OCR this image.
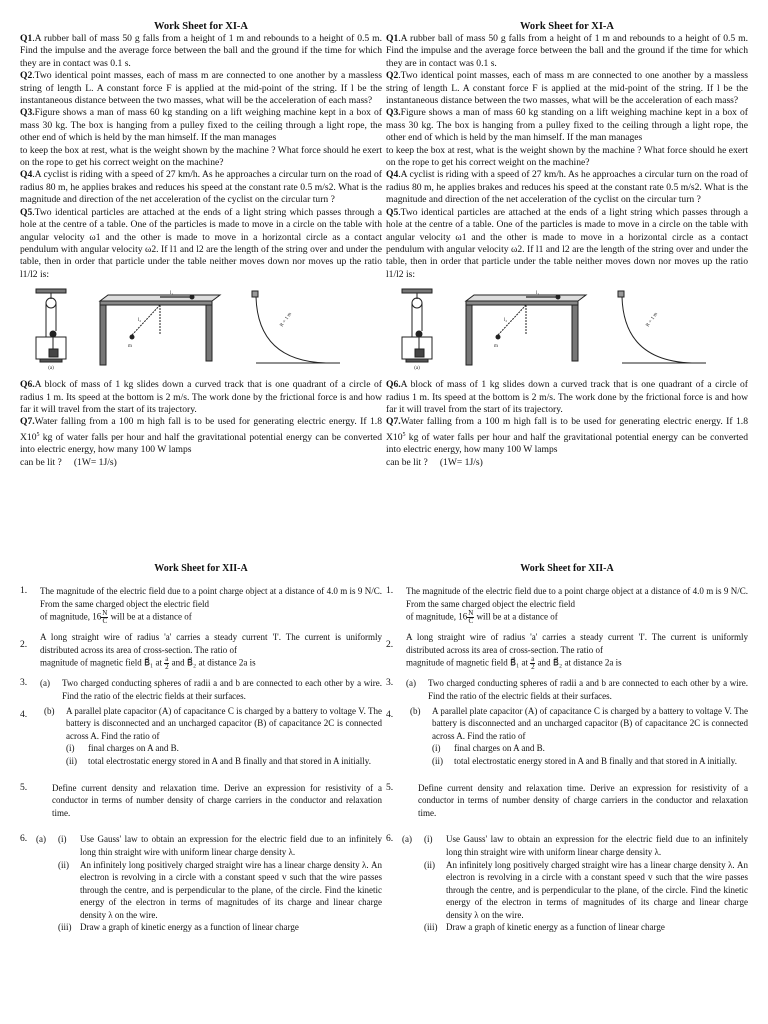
Work Sheet for XI-A

Q1.A rubber ball of mass 50 g falls from a height of 1 m and rebounds to a height of 0.5 m. Find the impulse and the average force between the ball and the ground if the time for which they are in contact was 0.1 s.

Q2.Two identical point masses, each of mass m are connected to one another by a massless string of length L. A constant force F is applied at the mid-point of the string. If l be the instantaneous distance between the two masses, what will be the acceleration of each mass?

Q3.Figure shows a man of mass 60 kg standing on a lift weighing machine kept in a box of mass 30 kg. The box is hanging from a pulley fixed to the ceiling through a light rope, the other end of which is held by the man himself. If the man manages

to keep the box at rest, what is the weight shown by the machine ? What force should he exert on the rope to get his correct weight on the machine?

Q4.A cyclist is riding with a speed of 27 km/h. As he approaches a circular turn on the road of radius 80 m, he applies brakes and reduces his speed at the constant rate 0.5 m/s2. What is the magnitude and direction of the net acceleration of the cyclist on the circular turn ?

Q5.Two identical particles are attached at the ends of a light string which passes through a hole at the centre of a table. One of the particles is made to move in a circle on the table with angular velocity ω1 and the other is made to move in a horizontal circle as a contact pendulum with angular velocity ω2. If l1 and l2 are the length of the string over and under the table, then in order that particle under the table neither moves down nor moves up the ratio l1/l2 is:

(a)
l₁
l₂
m
R = 1 m

Q6.A block of mass of 1 kg slides down a curved track that is one quadrant of a circle of radius 1 m. Its speed at the bottom is 2 m/s. The work done by the frictional force is and how far it will travel from the start of its trajectory.

Q7.Water falling from a 100 m high fall is to be used for generating electric energy. If 1.8 $X10^5$ kg of water falls per hour and half the gravitational potential energy can be converted into electric energy, how many 100 W lamps

can be lit ? (1W= 1J/s)

Work Sheet for XI-A

Q1.A rubber ball of mass 50 g falls from a height of 1 m and rebounds to a height of 0.5 m. Find the impulse and the average force between the ball and the ground if the time for which they are in contact was 0.1 s.

Q2.Two identical point masses, each of mass m are connected to one another by a massless string of length L. A constant force F is applied at the mid-point of the string. If l be the instantaneous distance between the two masses, what will be the acceleration of each mass?

Q3.Figure shows a man of mass 60 kg standing on a lift weighing machine kept in a box of mass 30 kg. The box is hanging from a pulley fixed to the ceiling through a light rope, the other end of which is held by the man himself. If the man manages

to keep the box at rest, what is the weight shown by the machine ? What force should he exert on the rope to get his correct weight on the machine?

Q4.A cyclist is riding with a speed of 27 km/h. As he approaches a circular turn on the road of radius 80 m, he applies brakes and reduces his speed at the constant rate 0.5 m/s2. What is the magnitude and direction of the net acceleration of the cyclist on the circular turn ?

Q5.Two identical particles are attached at the ends of a light string which passes through a hole at the centre of a table. One of the particles is made to move in a circle on the table with angular velocity ω1 and the other is made to move in a horizontal circle as a contact pendulum with angular velocity ω2. If l1 and l2 are the length of the string over and under the table, then in order that particle under the table neither moves down nor moves up the ratio l1/l2 is:

(a)
l₁
l₂
m
R = 1 m

Q6.A block of mass of 1 kg slides down a curved track that is one quadrant of a circle of radius 1 m. Its speed at the bottom is 2 m/s. The work done by the frictional force is and how far it will travel from the start of its trajectory.

Q7.Water falling from a 100 m high fall is to be used for generating electric energy. If 1.8 $X10^5$ kg of water falls per hour and half the gravitational potential energy can be converted into electric energy, how many 100 W lamps

can be lit ? (1W= 1J/s)

Work Sheet for XII-A
1. The magnitude of the electric field due to a point charge object at a distance of 4.0 m is 9 N/C. From the same charged object the electric field
of magnitude, $16 \frac{N}{C}$ will be at a distance of
2.
A long straight wire of radius 'a' carries a steady current 'I'. The current is uniformly distributed across its area of cross-section. The ratio of
magnitude of magnetic field B⃗₁ at $\frac{a}{2}$ and B⃗₂ at distance 2a is
3.
4.
(a) Two charged conducting spheres of radii a and b are connected to each other by a wire. Find the ratio of the electric fields at their surfaces.
(b) A parallel plate capacitor (A) of capacitance C is charged by a battery to voltage V. The battery is disconnected and an uncharged capacitor (B) of capacitance 2C is connected across A. Find the ratio of
(i) final charges on A and B.
(ii) total electrostatic energy stored in A and B finally and that stored in A initially.
5.	Define current density and relaxation time. Derive an expression for resistivity of a conductor in terms of number density of charge carriers in the conductor and relaxation time.
6. (a) (i) Use Gauss' law to obtain an expression for the electric field due to an infinitely long thin straight wire with uniform linear charge density λ.
(ii) An infinitely long positively charged straight wire has a linear charge density λ. An electron is revolving in a circle with a constant speed v such that the wire passes through the centre, and is perpendicular to the plane, of the circle. Find the kinetic energy of the electron in terms of magnitudes of its charge and linear charge density λ on the wire.
(iii) Draw a graph of kinetic energy as a function of linear charge
Work Sheet for XII-A
1. The magnitude of the electric field due to a point charge object at a distance of 4.0 m is 9 N/C. From the same charged object the electric field
of magnitude, $16 \frac{N}{C}$ will be at a distance of
2.
A long straight wire of radius 'a' carries a steady current 'I'. The current is uniformly distributed across its area of cross-section. The ratio of
magnitude of magnetic field B⃗₁ at $\frac{a}{2}$ and B⃗₂ at distance 2a is
3.
4.
(a) Two charged conducting spheres of radii a and b are connected to each other by a wire. Find the ratio of the electric fields at their surfaces.
(b) A parallel plate capacitor (A) of capacitance C is charged by a battery to voltage V. The battery is disconnected and an uncharged capacitor (B) of capacitance 2C is connected across A. Find the ratio of
(i) final charges on A and B.
(ii) total electrostatic energy stored in A and B finally and that stored in A initially.
5.	Define current density and relaxation time. Derive an expression for resistivity of a conductor in terms of number density of charge carriers in the conductor and relaxation time.
6. (a) (i) Use Gauss' law to obtain an expression for the electric field due to an infinitely long thin straight wire with uniform linear charge density λ.
(ii) An infinitely long positively charged straight wire has a linear charge density λ. An electron is revolving in a circle with a constant speed v such that the wire passes through the centre, and is perpendicular to the plane, of the circle. Find the kinetic energy of the electron in terms of magnitudes of its charge and linear charge density λ on the wire.
(iii) Draw a graph of kinetic energy as a function of linear charge
